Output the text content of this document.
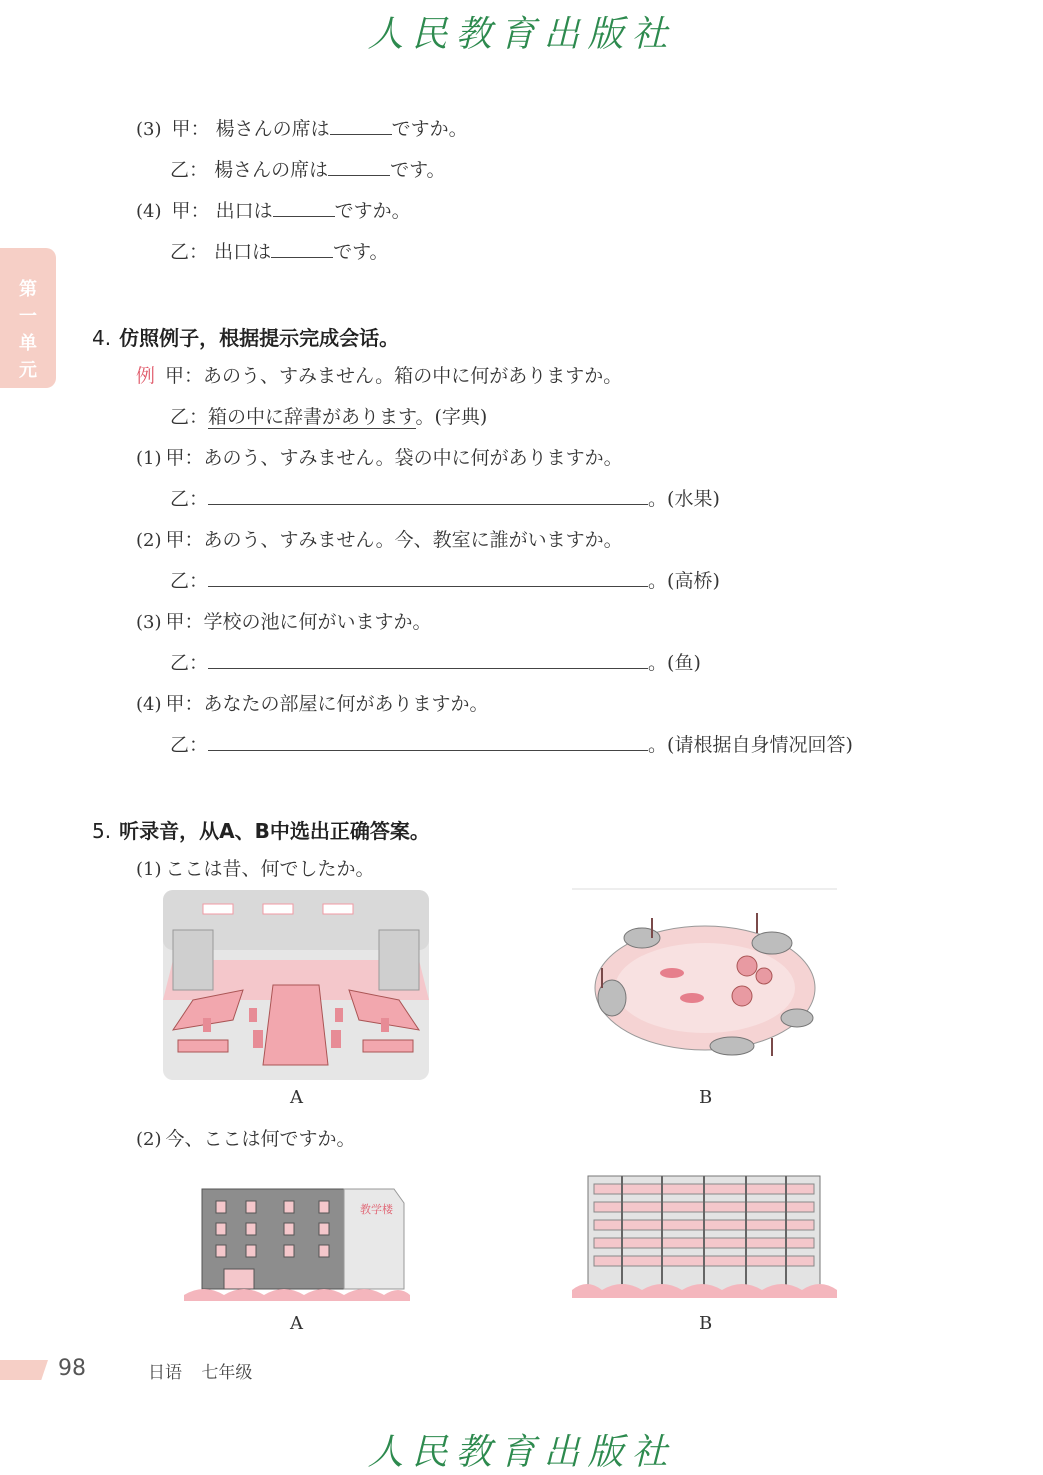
人民教育出版社
第一单元
(3) 甲： 楊さんの席は	ですか。
乙： 楊さんの席は	です。
(4) 甲： 出口は	ですか。
乙： 出口は	です。
4. 仿照例子，根据提示完成会话。
例 甲：あのう、すみません。箱の中に何がありますか。
乙：箱の中に辞書があります。(字典)
(1) 甲：あのう、すみません。袋の中に何がありますか。
乙：	。(水果)
(2) 甲：あのう、すみません。今、教室に誰がいますか。
乙：	。(高桥)
(3) 甲：学校の池に何がいますか。
乙：	。(鱼)
(4) 甲：あなたの部屋に何がありますか。
乙：	。(请根据自身情况回答)
5. 听录音，从A、B中选出正确答案。
(1) ここは昔、何でしたか。
A	B
(2) 今、ここは何ですか。
教学楼
A	B
98	日语 七年级
人民教育出版社
